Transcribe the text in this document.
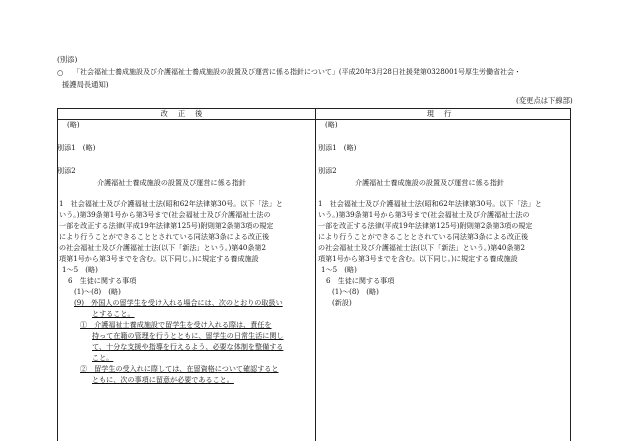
(別添)
○ 「社会福祉士養成施設及び介護福祉士養成施設の設置及び運営に係る指針について」(平成20年3月28日社援発第0328001号厚生労働省社会・
援護局長通知)
(変更点は下線部)
改正後	現行
(略)
別添1　(略)
別添2
介護福祉士養成施設の設置及び運営に係る指針
1　社会福祉士及び介護福祉士法(昭和62年法律第30号。以下「法」と
いう。)第39条第1号から第3号まで(社会福祉士及び介護福祉士法の
一部を改正する法律(平成19年法律第125号)附則第2条第3項の規定
により行うことができることとされている同法第3条による改正後
の社会福祉士及び介護福祉士法(以下「新法」という。)第40条第2
項第1号から第3号までを含む。以下同じ。)に規定する養成施設
1〜5　(略)
6　生徒に関する事項
(1)〜(8)　(略)
(9)　外国人の留学生を受け入れる場合には、次のとおりの取扱い
とすること。
①　介護福祉士養成施設で留学生を受け入れる際は、責任を
持って在籍の管理を行うとともに、留学生の日常生活に関し
て、十分な支援や指導を行えるよう、必要な体制を整備する
こと。
②　留学生の受入れに際しては、在留資格について確認すると
ともに、次の事項に留意が必要であること。
(略)
別添1　(略)
別添2
介護福祉士養成施設の設置及び運営に係る指針
1　社会福祉士及び介護福祉士法(昭和62年法律第30号。以下「法」と
いう。)第39条第1号から第3号まで(社会福祉士及び介護福祉士法の
一部を改正する法律(平成19年法律第125号)附則第2条第3項の規定
により行うことができることとされている同法第3条による改正後
の社会福祉士及び介護福祉士法(以下「新法」という。)第40条第2
項第1号から第3号までを含む。以下同じ。)に規定する養成施設
1〜5　(略)
6　生徒に関する事項
(1)〜(8)　(略)
(新設)
